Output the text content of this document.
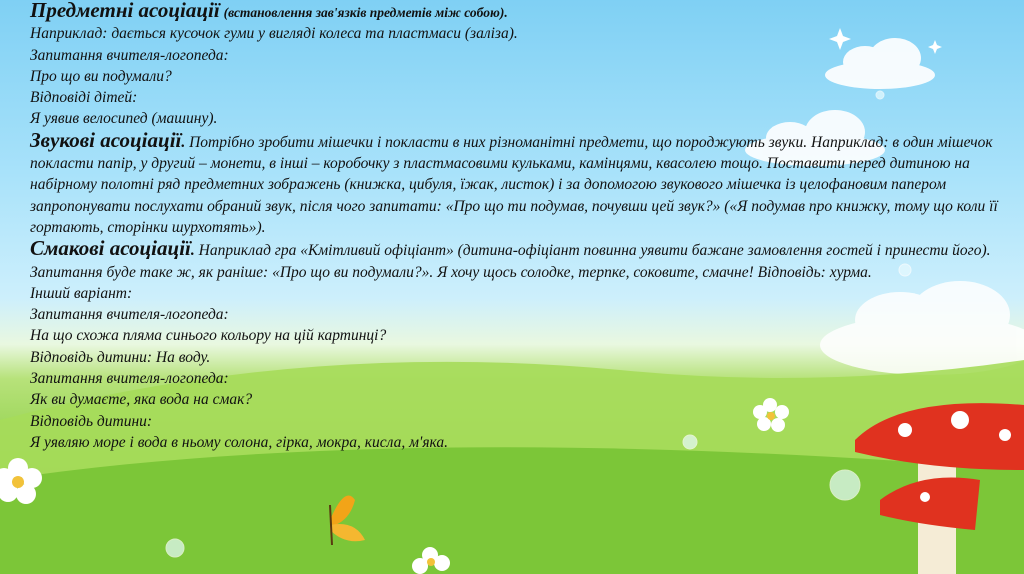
Предметні асоціації (встановлення зав'язків предметів між собою).

Наприклад: дається кусочок гуми у вигляді колеса та пластмаси (заліза).

Запитання вчителя-логопеда:

Про що ви подумали?

Відповіді дітей:

Я уявив велосипед (машину).

Звукові асоціації. Потрібно зробити мішечки і покласти в них різноманітні предмети, що породжують звуки. Наприклад: в один мішечок покласти папір, у другий – монети, в інші – коробочку з пластмасовими кульками, камінцями, квасолею тощо. Поставити перед дитиною на набірному полотні ряд предметних зображень (книжка, цибуля, їжак, листок) і за допомогою звукового мішечка із целофановим папером запропонувати послухати обраний звук, після чого запитати: «Про що ти подумав, почувши цей звук?» («Я подумав про книжку, тому що коли її гортають, сторінки шурхотять»).

Смакові асоціації. Наприклад гра «Кмітливий офіціант» (дитина-офіціант повинна уявити бажане замовлення гостей і принести його). Запитання буде таке ж, як раніше: «Про що ви подумали?». Я хочу щось солодке, терпке, соковите, смачне! Відповідь: хурма.

Інший варіант:

Запитання вчителя-логопеда:

На що схожа пляма синього кольору на цій картинці?

Відповідь дитини: На воду.

Запитання вчителя-логопеда:

Як ви думаєте, яка вода на смак?

Відповідь дитини:

Я уявляю море і вода в ньому солона, гірка, мокра, кисла, м'яка.
